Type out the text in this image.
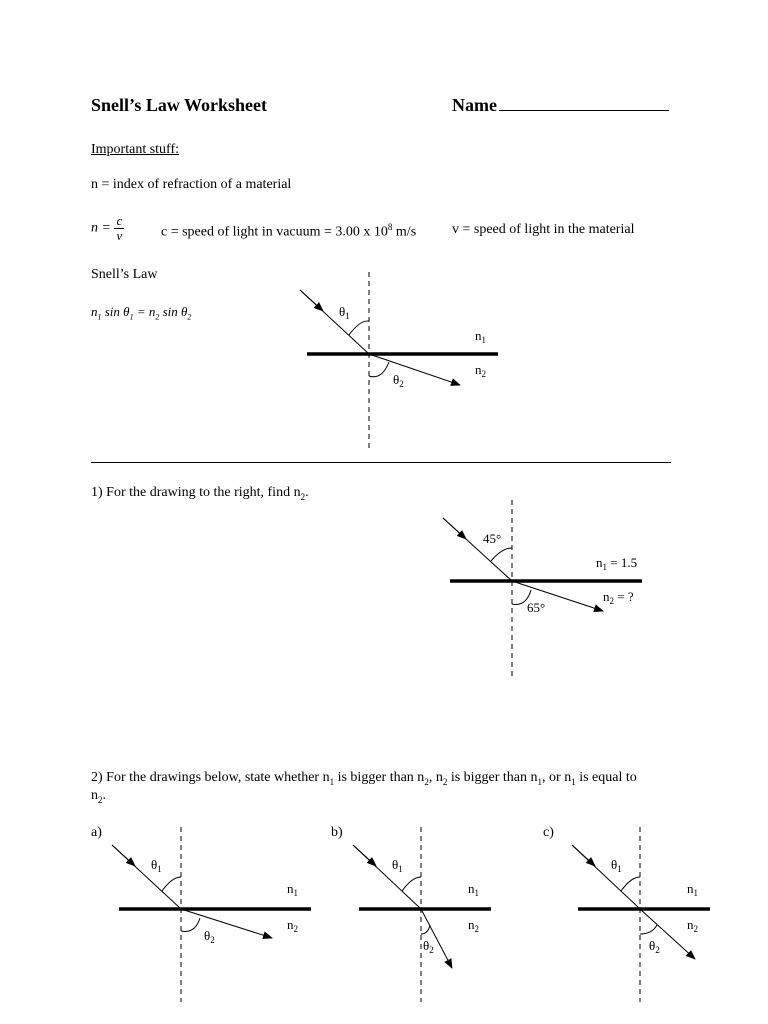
Snell’s Law Worksheet	Name
Important stuff:
n = index of refraction of a material
$n = \frac{c}{v}$	c = speed of light in vacuum = 3.00 x $10^8$ m/s	v = speed of light in the material
Snell’s Law
$n_1$ $\sin \theta_1 = n_2$ $\sin \theta_2$	$\theta_1$
$\theta_2$
$n_1$
$n_2$
1) For the drawing to the right, find $n_2$.
45°
65°
$n_1 = 1.5$
$n_2$ = ?
2) For the drawings below, state whether $n_1$ is bigger than $n_2$, $n_2$ is bigger than $n_1$, or $n_1$ is equal to
$n_2$.
a)	b)	c)
$\theta_1$
$\theta_2$
$n_1$
$n_2$
$\theta_1$
$\theta_2$
$n_1$
$n_2$
$\theta_1$
$\theta_2$
$n_1$
$n_2$
